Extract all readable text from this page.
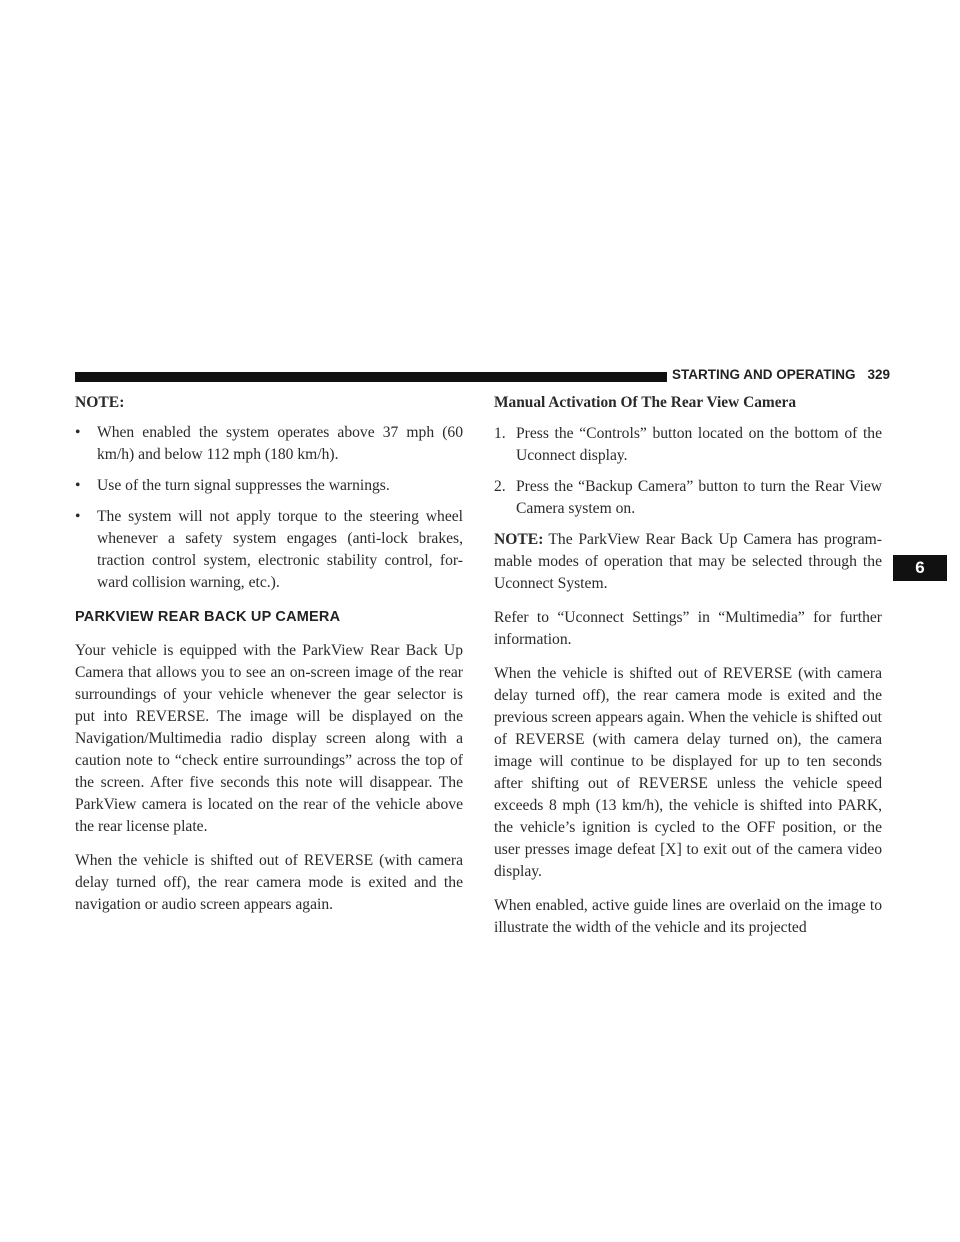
STARTING AND OPERATING 329
6
NOTE:
• When enabled the system operates above 37 mph (60 km/h) and below 112 mph (180 km/h).
• Use of the turn signal suppresses the warnings.
• The system will not apply torque to the steering wheel whenever a safety system engages (anti-lock brakes, traction control system, electronic stability control, for-ward collision warning, etc.).
PARKVIEW REAR BACK UP CAMERA

Your vehicle is equipped with the ParkView Rear Back Up Camera that allows you to see an on-screen image of the rear surroundings of your vehicle whenever the gear selector is put into REVERSE. The image will be displayed on the Navigation/Multimedia radio display screen along with a caution note to “check entire surroundings” across the top of the screen. After five seconds this note will disappear. The ParkView camera is located on the rear of the vehicle above the rear license plate.

When the vehicle is shifted out of REVERSE (with camera delay turned off), the rear camera mode is exited and the navigation or audio screen appears again.

Manual Activation Of The Rear View Camera
1. Press the “Controls” button located on the bottom of the Uconnect display.
2. Press the “Backup Camera” button to turn the Rear View Camera system on.

NOTE: The ParkView Rear Back Up Camera has program-mable modes of operation that may be selected through the Uconnect System.

Refer to “Uconnect Settings” in “Multimedia” for further information.

When the vehicle is shifted out of REVERSE (with camera delay turned off), the rear camera mode is exited and the previous screen appears again. When the vehicle is shifted out of REVERSE (with camera delay turned on), the camera image will continue to be displayed for up to ten seconds after shifting out of REVERSE unless the vehicle speed exceeds 8 mph (13 km/h), the vehicle is shifted into PARK, the vehicle’s ignition is cycled to the OFF position, or the user presses image defeat [X] to exit out of the camera video display.

When enabled, active guide lines are overlaid on the image to illustrate the width of the vehicle and its projected
